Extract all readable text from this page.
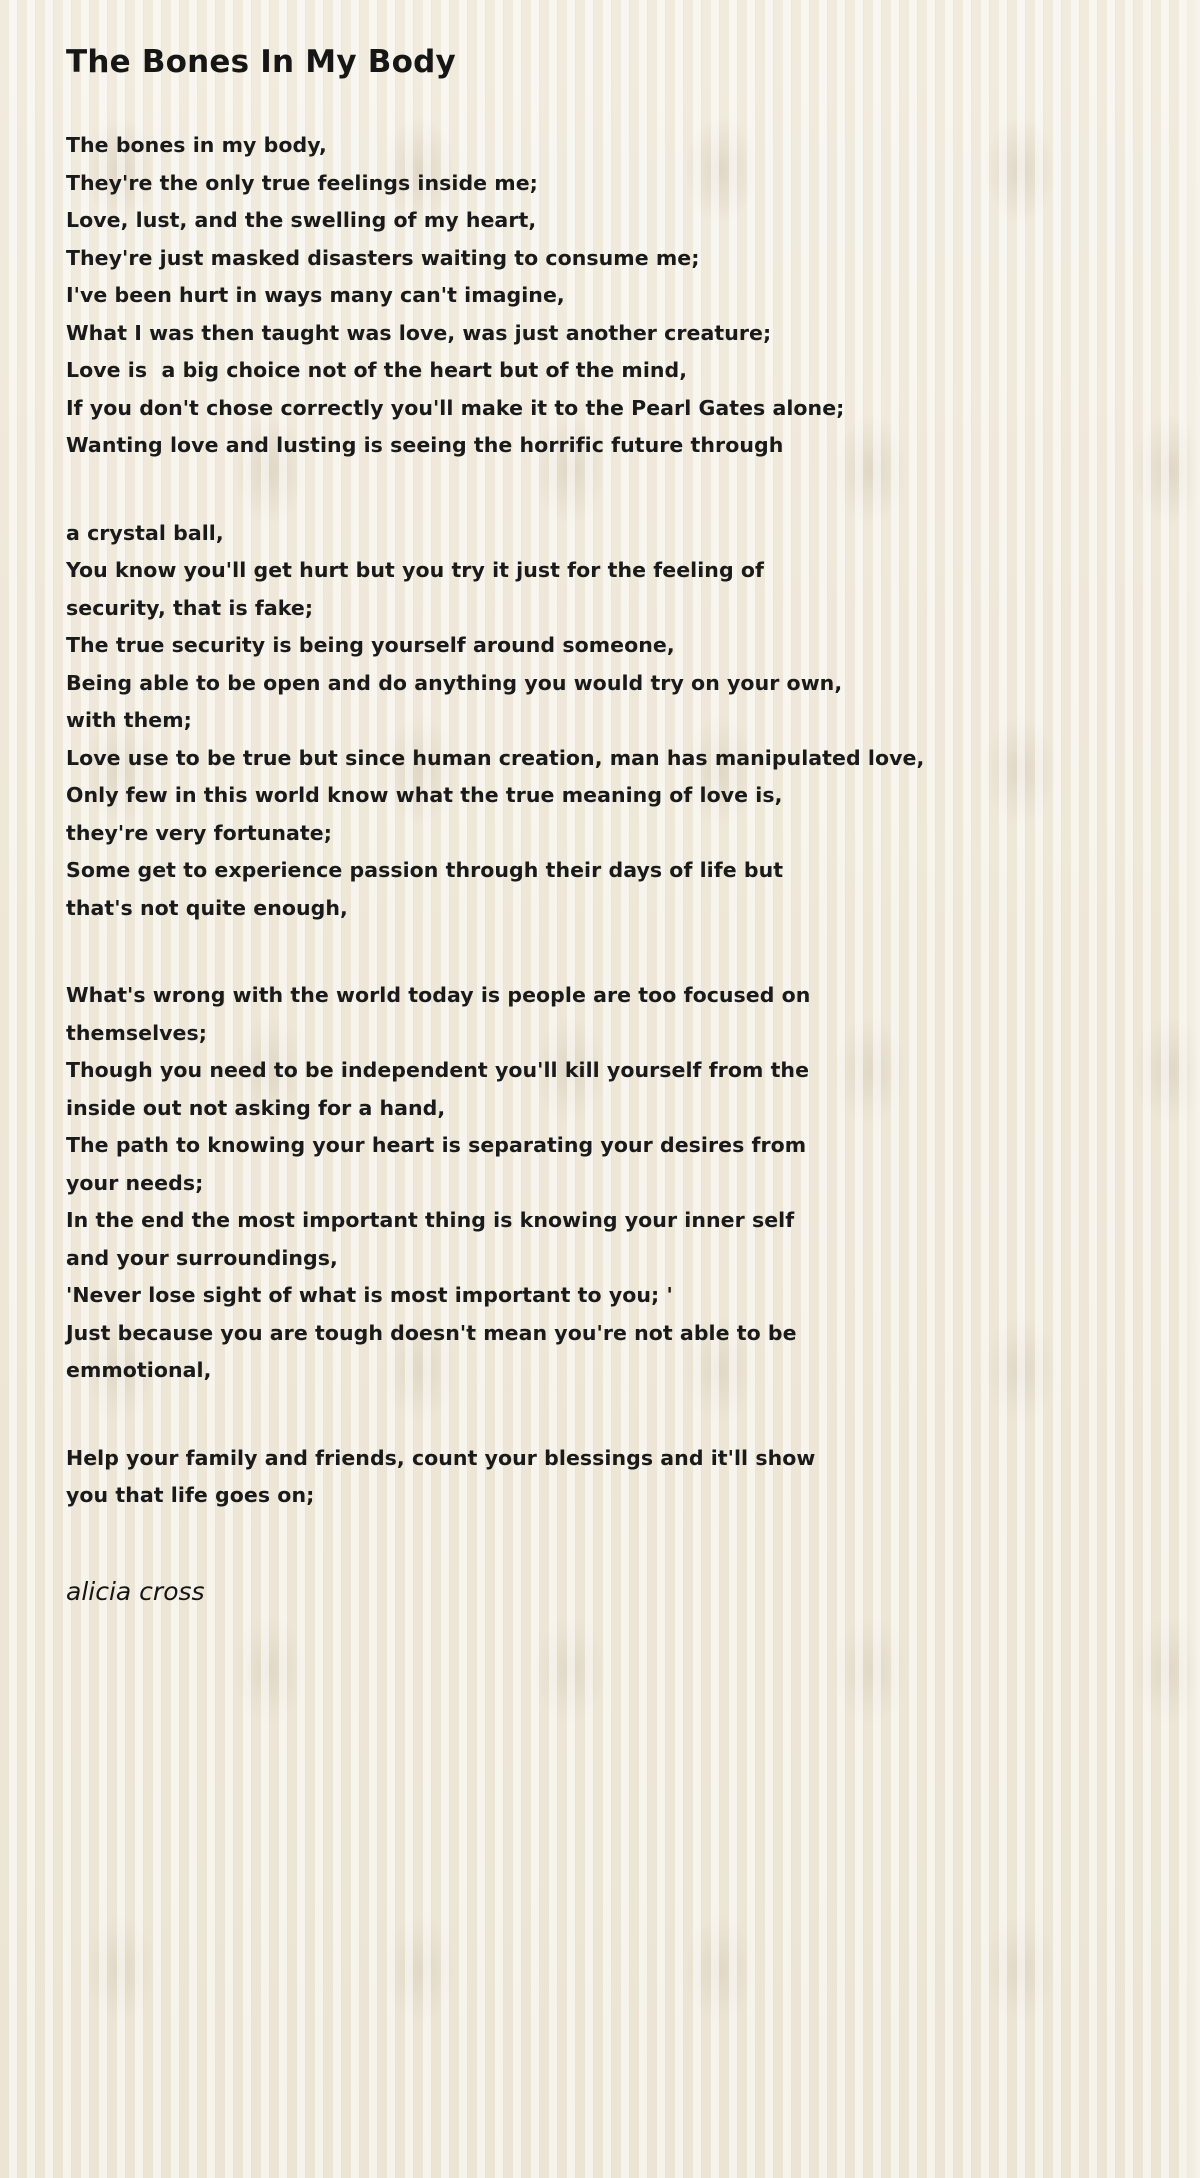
The Bones In My Body
The bones in my body,
They're the only true feelings inside me;
Love, lust, and the swelling of my heart,
They're just masked disasters waiting to consume me;
I've been hurt in ways many can't imagine,
What I was then taught was love, was just another creature;
Love is  a big choice not of the heart but of the mind,
If you don't chose correctly you'll make it to the Pearl Gates alone;
Wanting love and lusting is seeing the horrific future through
a crystal ball,
You know you'll get hurt but you try it just for the feeling of
security, that is fake;
The true security is being yourself around someone,
Being able to be open and do anything you would try on your own,
with them;
Love use to be true but since human creation, man has manipulated love,
Only few in this world know what the true meaning of love is,
they're very fortunate;
Some get to experience passion through their days of life but
that's not quite enough,
What's wrong with the world today is people are too focused on
themselves;
Though you need to be independent you'll kill yourself from the
inside out not asking for a hand,
The path to knowing your heart is separating your desires from
your needs;
In the end the most important thing is knowing your inner self
and your surroundings,
'Never lose sight of what is most important to you; '
Just because you are tough doesn't mean you're not able to be
emmotional,
Help your family and friends, count your blessings and it'll show
you that life goes on;
alicia cross
